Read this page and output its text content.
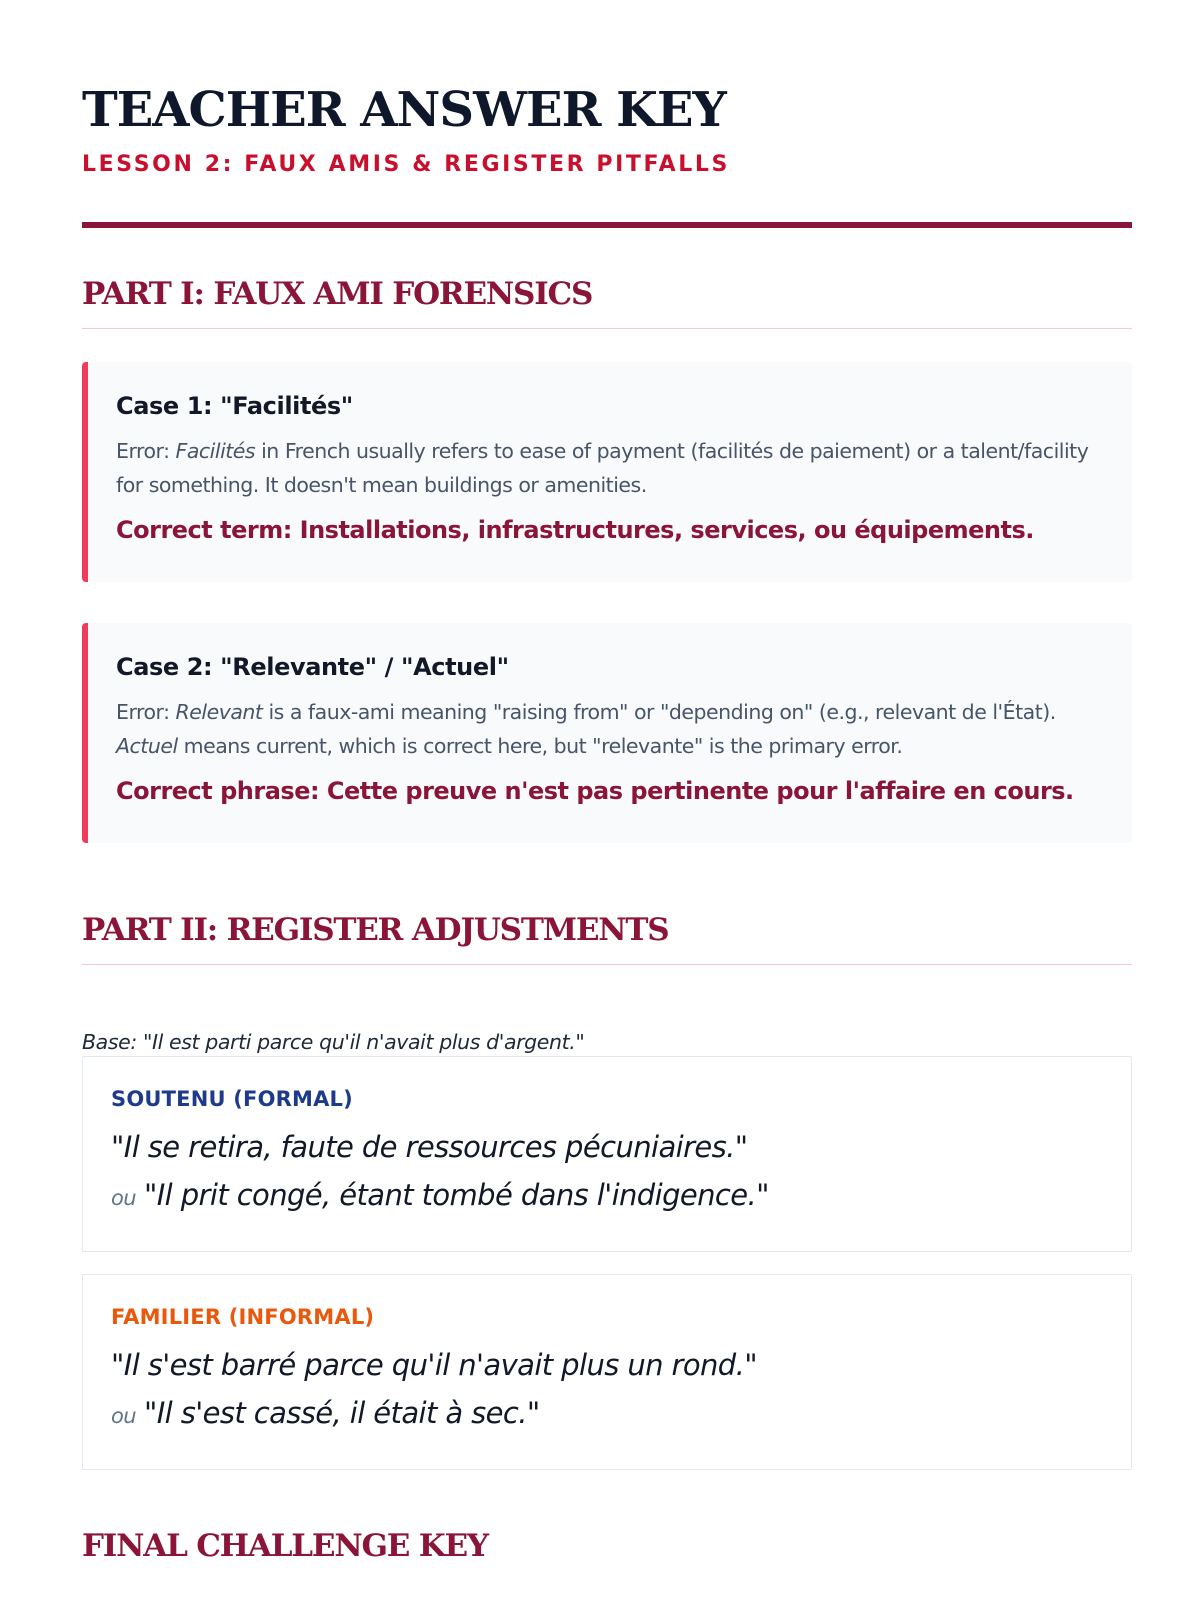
TEACHER ANSWER KEY
LESSON 2: FAUX AMIS & REGISTER PITFALLS
PART I: FAUX AMI FORENSICS
Case 1: "Facilités"

Error: Facilités in French usually refers to ease of payment (facilités de paiement) or a talent/facility for something. It doesn't mean buildings or amenities.

Correct term: Installations, infrastructures, services, ou équipements.
Case 2: "Relevante" / "Actuel"

Error: Relevant is a faux-ami meaning "raising from" or "depending on" (e.g., relevant de l'État). Actuel means current, which is correct here, but "relevante" is the primary error.

Correct phrase: Cette preuve n'est pas pertinente pour l'affaire en cours.
PART II: REGISTER ADJUSTMENTS
Base: "Il est parti parce qu'il n'avait plus d'argent."
SOUTENU (FORMAL)
"Il se retira, faute de ressources pécuniaires."
ou "Il prit congé, étant tombé dans l'indigence."
FAMILIER (INFORMAL)
"Il s'est barré parce qu'il n'avait plus un rond."
ou "Il s'est cassé, il était à sec."
FINAL CHALLENGE KEY
